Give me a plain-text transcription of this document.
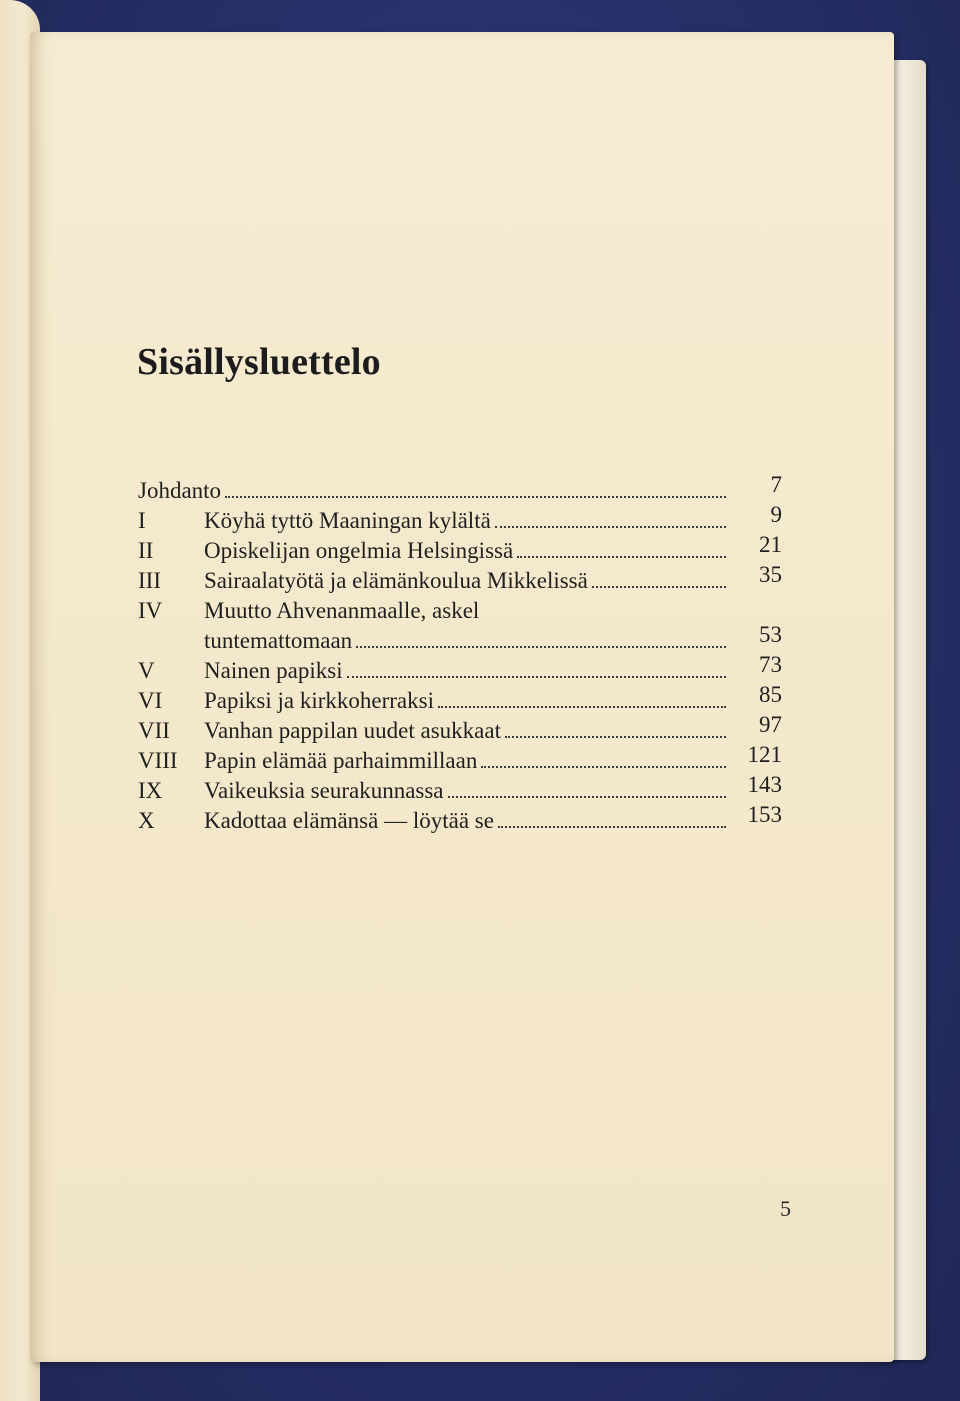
Sisällysluettelo
Johdanto	7
I	Köyhä tyttö Maaningan kylältä	9
II Opiskelijan ongelmia Helsingissä	21
III Sairaalatyötä ja elämänkoulua Mikkelissä	35
IV Muutto Ahvenanmaalle, askel
tuntemattomaan	53
V Nainen papiksi	73
VI Papiksi ja kirkkoherraksi	85
VII Vanhan pappilan uudet asukkaat	97
VIII Papin elämää parhaimmillaan	121
IX Vaikeuksia seurakunnassa	143
X Kadottaa elämänsä — löytää se	153
5
